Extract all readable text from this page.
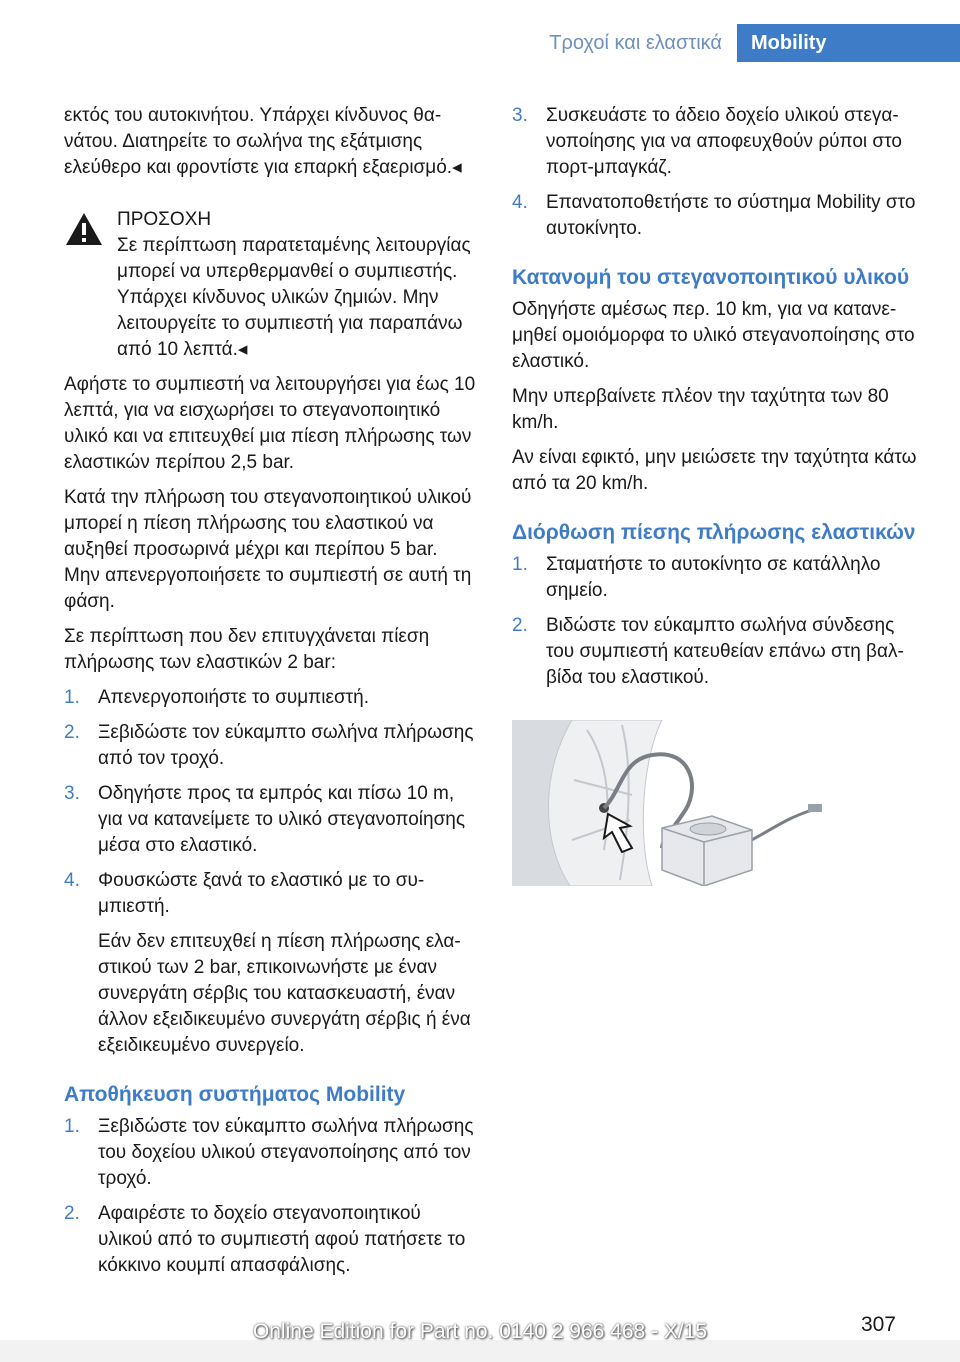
Τροχοί και ελαστικά	Mobility

εκτός του αυτοκινήτου. Υπάρχει κίνδυνος θανάτου. Διατηρείτε το σωλήνα της εξάτμισης ελεύθερο και φροντίστε για επαρκή εξαερισμό.◂

ΠΡΟΣΟΧΗ
Σε περίπτωση παρατεταμένης λειτουργίας μπορεί να υπερθερμανθεί ο συμπιεστής. Υπάρχει κίνδυνος υλικών ζημιών. Μην λειτουργείτε το συμπιεστή για παραπάνω από 10 λεπτά.◂

Αφήστε το συμπιεστή να λειτουργήσει για έως 10 λεπτά, για να εισχωρήσει το στεγανοποιητικό υλικό και να επιτευχθεί μια πίεση πλήρωσης των ελαστικών περίπου 2,5 bar.

Κατά την πλήρωση του στεγανοποιητικού υλικού μπορεί η πίεση πλήρωσης του ελαστικού να αυξηθεί προσωρινά μέχρι και περίπου 5 bar. Μην απενεργοποιήσετε το συμπιεστή σε αυτή τη φάση.

Σε περίπτωση που δεν επιτυγχάνεται πίεση πλήρωσης των ελαστικών 2 bar:

1. Απενεργοποιήστε το συμπιεστή.
2. Ξεβιδώστε τον εύκαμπτο σωλήνα πλήρωσης από τον τροχό.
3. Οδηγήστε προς τα εμπρός και πίσω 10 m, για να κατανείμετε το υλικό στεγανοποίησης μέσα στο ελαστικό.
4. Φουσκώστε ξανά το ελαστικό με το συμπιεστή.
Εάν δεν επιτευχθεί η πίεση πλήρωσης ελαστικού των 2 bar, επικοινωνήστε με έναν συνεργάτη σέρβις του κατασκευαστή, έναν άλλον εξειδικευμένο συνεργάτη σέρβις ή ένα εξειδικευμένο συνεργείο.
Αποθήκευση συστήματος Mobility
1. Ξεβιδώστε τον εύκαμπτο σωλήνα πλήρωσης του δοχείου υλικού στεγανοποίησης από τον τροχό.
2. Αφαιρέστε το δοχείο στεγανοποιητικού υλικού από το συμπιεστή αφού πατήσετε το κόκκινο κουμπί απασφάλισης.
3. Συσκευάστε το άδειο δοχείο υλικού στεγανοποίησης για να αποφευχθούν ρύποι στο πορτ-μπαγκάζ.
4. Επανατοποθετήστε το σύστημα Mobility στο αυτοκίνητο.
Κατανομή του στεγανοποιητικού υλικού

Οδηγήστε αμέσως περ. 10 km, για να κατανεμηθεί ομοιόμορφα το υλικό στεγανοποίησης στο ελαστικό.

Μην υπερβαίνετε πλέον την ταχύτητα των 80 km/h.

Αν είναι εφικτό, μην μειώσετε την ταχύτητα κάτω από τα 20 km/h.

Διόρθωση πίεσης πλήρωσης ελαστικών
1. Σταματήστε το αυτοκίνητο σε κατάλληλο σημείο.
2. Βιδώστε τον εύκαμπτο σωλήνα σύνδεσης του συμπιεστή κατευθείαν επάνω στη βαλβίδα του ελαστικού.
307
Online Edition for Part no. 0140 2 966 468 - X/15
